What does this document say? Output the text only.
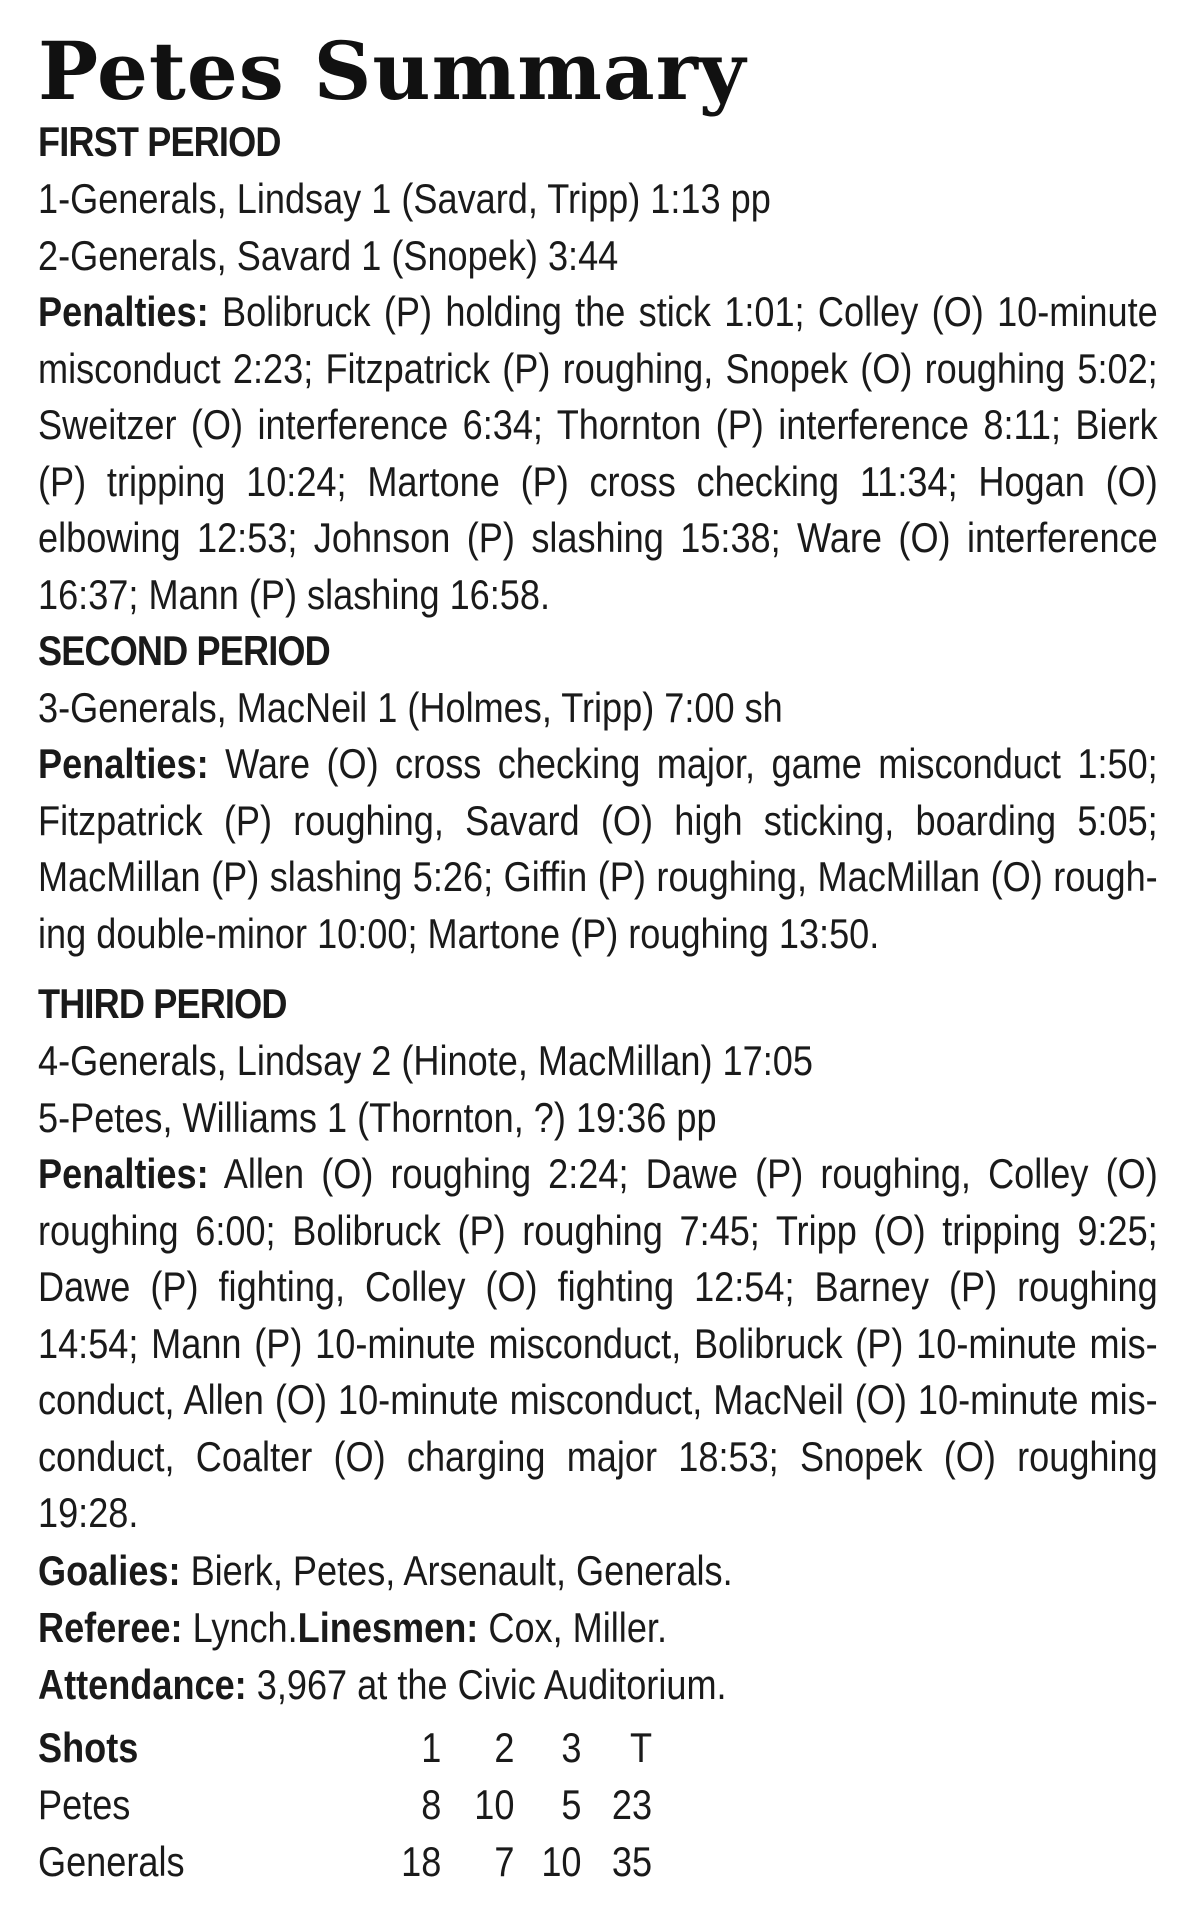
Petes Summary
FIRST PERIOD
1-Generals, Lindsay 1 (Savard, Tripp) 1:13 pp
2-Generals, Savard 1 (Snopek) 3:44
Penalties: Bolibruck (P) holding the stick 1:01; Colley (O) 10-minute misconduct 2:23; Fitzpatrick (P) roughing, Snopek (O) roughing 5:02; Sweitzer (O) interference 6:34; Thornton (P) interference 8:11; Bierk (P) tripping 10:24; Martone (P) cross checking 11:34; Hogan (O) elbowing 12:53; Johnson (P) slashing 15:38; Ware (O) interference 16:37; Mann (P) slashing 16:58.
SECOND PERIOD
3-Generals, MacNeil 1 (Holmes, Tripp) 7:00 sh
Penalties: Ware (O) cross checking major, game misconduct 1:50; Fitzpatrick (P) roughing, Savard (O) high sticking, boarding 5:05; MacMillan (P) slashing 5:26; Giffin (P) roughing, MacMillan (O) rough-ing double-minor 10:00; Martone (P) roughing 13:50.
THIRD PERIOD
4-Generals, Lindsay 2 (Hinote, MacMillan) 17:05
5-Petes, Williams 1 (Thornton, ?) 19:36 pp
Penalties: Allen (O) roughing 2:24; Dawe (P) roughing, Colley (O) roughing 6:00; Bolibruck (P) roughing 7:45; Tripp (O) tripping 9:25; Dawe (P) fighting, Colley (O) fighting 12:54; Barney (P) roughing 14:54; Mann (P) 10-minute misconduct, Bolibruck (P) 10-minute mis-conduct, Allen (O) 10-minute misconduct, MacNeil (O) 10-minute mis-conduct, Coalter (O) charging major 18:53; Snopek (O) roughing 19:28.
Goalies: Bierk, Petes, Arsenault, Generals.
Referee: Lynch.Linesmen: Cox, Miller.
Attendance: 3,967 at the Civic Auditorium.
Shots	1	2	3	T
Petes	8	10	5	23
Generals	18	7	10	35
